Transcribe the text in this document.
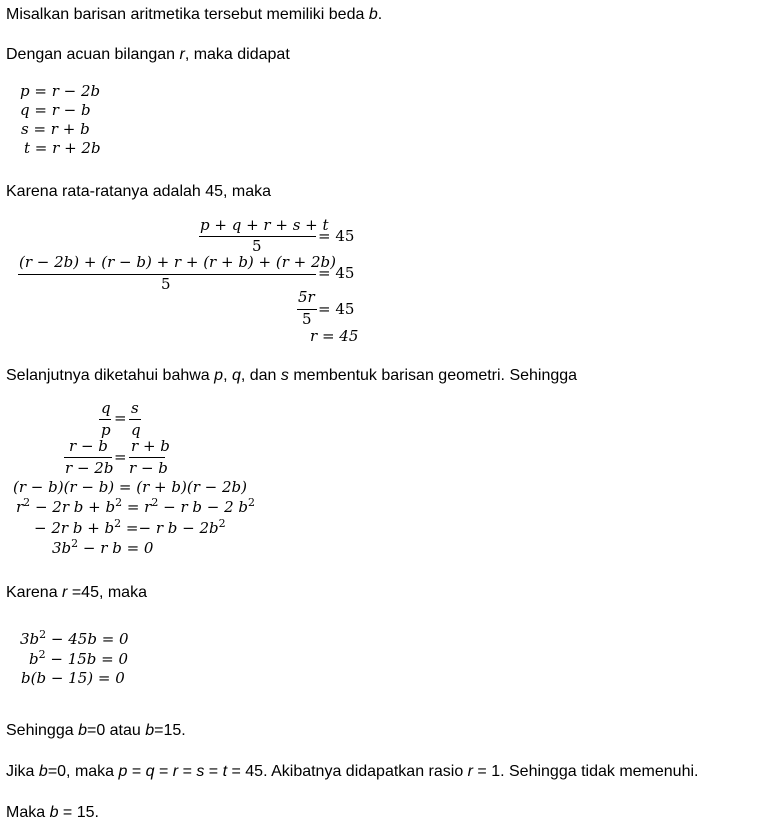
Misalkan barisan aritmetika tersebut memiliki beda b.
Dengan acuan bilangan r, maka didapat
p = r − 2b
q = r − b
s = r + b
t = r + 2b
Karena rata-ratanya adalah 45, maka
p + q + r + s + t
5
= 45
(r − 2b) + (r − b) + r + (r + b) + (r + 2b)
5
= 45
5r
5
= 45
r = 45
Selanjutnya diketahui bahwa p, q, dan s membentuk barisan geometri. Sehingga
q
p
=
s
q
r − b
r − 2b
=
r + b
r − b
(r − b)(r − b) = (r + b)(r − 2b)
$r^2 - 2r$ $b + b^2 = r^2 - r$ b − 2 $b^2$
− 2r $b + b^2 =- r$ $b - 2b^2$
$3b^2 - r$ b = 0
Karena r =45, maka
$3b^2 - 45b = 0$
$b^2 - 15b = 0$
b(b − 15) = 0
Sehingga b=0 atau b=15.
Jika b=0, maka p = q = r = s = t = 45. Akibatnya didapatkan rasio r = 1. Sehingga tidak memenuhi.
Maka b = 15.
